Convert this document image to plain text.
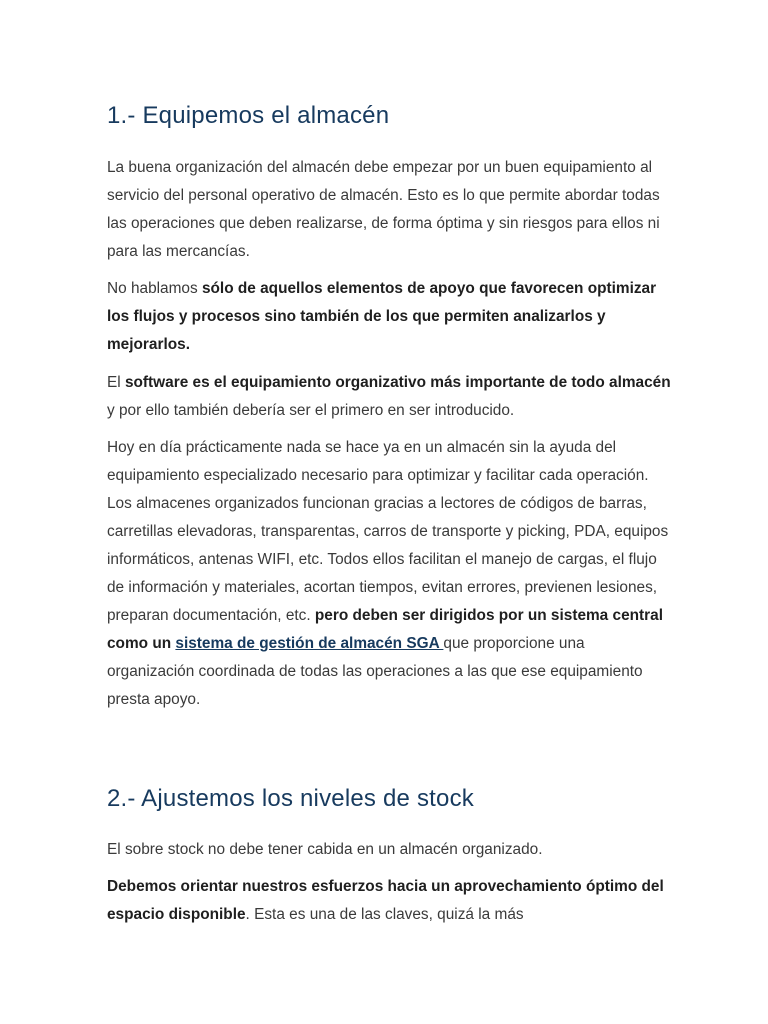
1.- Equipemos el almacén

La buena organización del almacén debe empezar por un buen equipamiento al servicio del personal operativo de almacén. Esto es lo que permite abordar todas las operaciones que deben realizarse, de forma óptima y sin riesgos para ellos ni para las mercancías.

No hablamos sólo de aquellos elementos de apoyo que favorecen optimizar los flujos y procesos sino también de los que permiten analizarlos y mejorarlos.

El software es el equipamiento organizativo más importante de todo almacén y por ello también debería ser el primero en ser introducido.

Hoy en día prácticamente nada se hace ya en un almacén sin la ayuda del equipamiento especializado necesario para optimizar y facilitar cada operación. Los almacenes organizados funcionan gracias a lectores de códigos de barras, carretillas elevadoras, transparentas, carros de transporte y picking, PDA, equipos informáticos, antenas WIFI, etc. Todos ellos facilitan el manejo de cargas, el flujo de información y materiales, acortan tiempos, evitan errores, previenen lesiones, preparan documentación, etc. pero deben ser dirigidos por un sistema central como un sistema de gestión de almacén SGA que proporcione una organización coordinada de todas las operaciones a las que ese equipamiento presta apoyo.

2.- Ajustemos los niveles de stock

El sobre stock no debe tener cabida en un almacén organizado.

Debemos orientar nuestros esfuerzos hacia un aprovechamiento óptimo del espacio disponible. Esta es una de las claves, quizá la más
